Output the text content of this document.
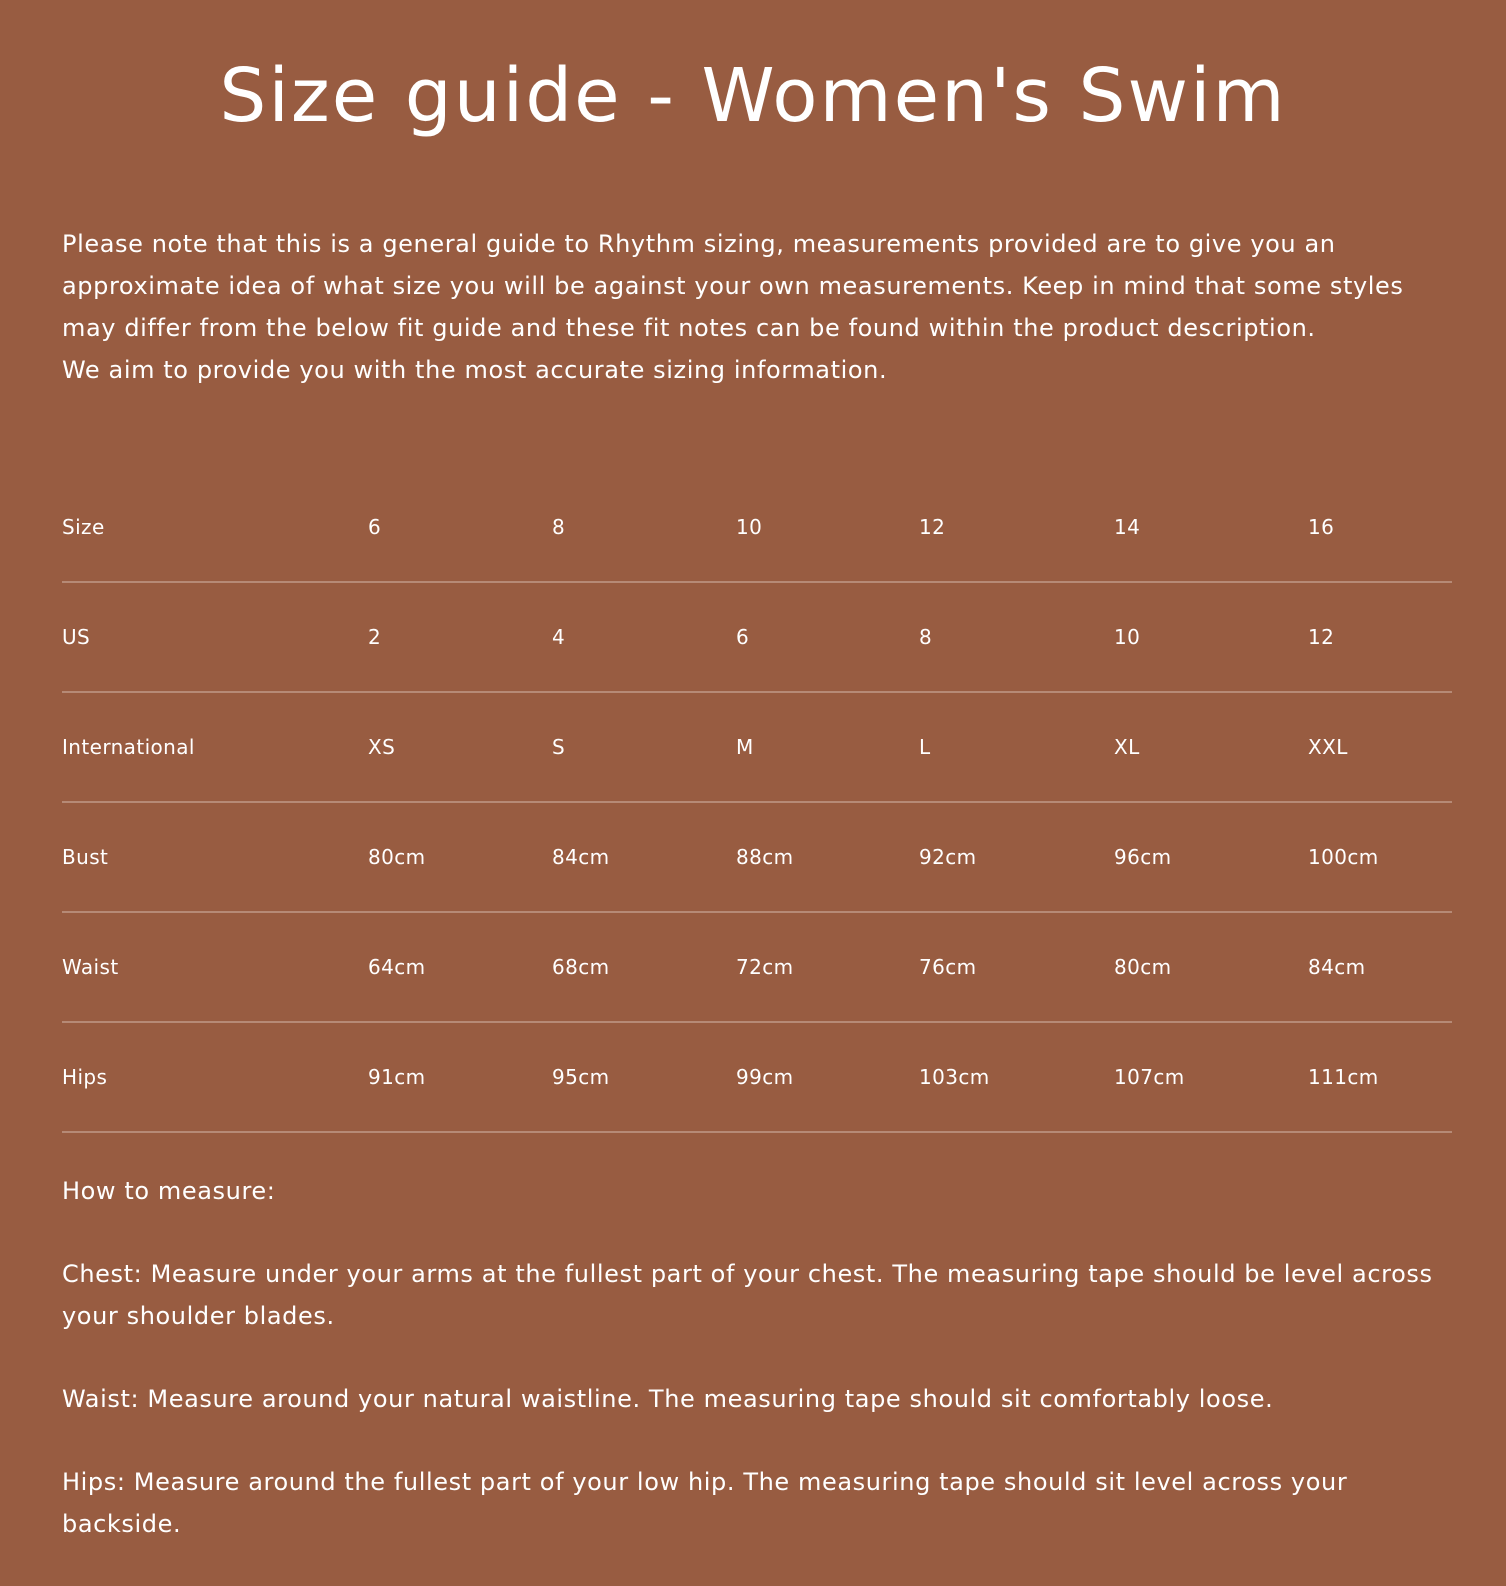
Size guide - Women's Swim

Please note that this is a general guide to Rhythm sizing, measurements provided are to give you an approximate idea of what size you will be against your own measurements. Keep in mind that some styles may differ from the below fit guide and these fit notes can be found within the product description.

We aim to provide you with the most accurate sizing information.

Size	6	8	10	12	14	16
US	2	4	6	8	10	12
International	XS	S	M	L	XL	XXL
Bust	80cm	84cm	88cm	92cm	96cm	100cm
Waist	64cm	68cm	72cm	76cm	80cm	84cm
Hips	91cm	95cm	99cm	103cm	107cm	111cm

How to measure:

Chest: Measure under your arms at the fullest part of your chest. The measuring tape should be level across your shoulder blades.

Waist: Measure around your natural waistline. The measuring tape should sit comfortably loose.

Hips: Measure around the fullest part of your low hip. The measuring tape should sit level across your backside.
